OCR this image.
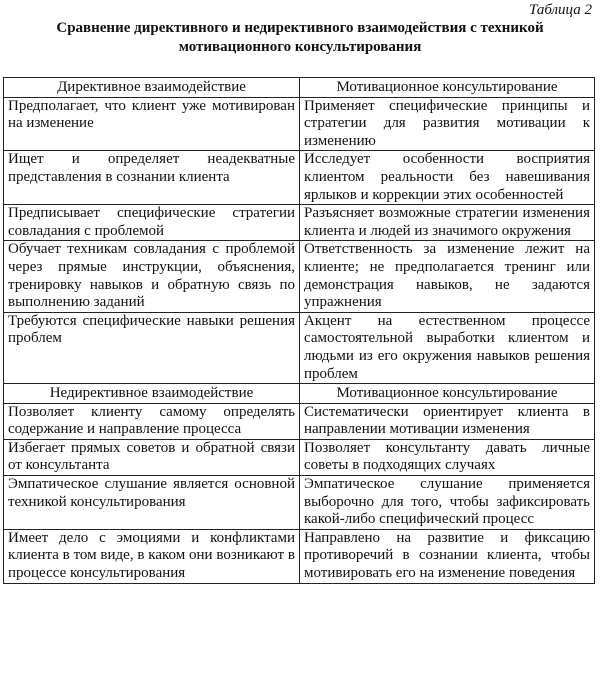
Таблица 2
Сравнение директивного и недирективного взаимодействия с техникой
мотивационного консультирования
Директивное взаимодействие	Мотивационное консультирование
Предполагает, что клиент уже мотивирован на изменение	Применяет специфические принципы и стратегии для развития мотивации к изменению
Ищет и определяет неадекватные представления в сознании клиента	Исследует особенности восприятия клиентом реальности без навешивания ярлыков и коррекции этих особенностей
Предписывает специфические стратегии совладания с проблемой	Разъясняет возможные стратегии изменения клиента и людей из значимого окружения
Обучает техникам совладания с проблемой через прямые инструкции, объяснения, тренировку навыков и обратную связь по выполнению заданий	Ответственность за изменение лежит на клиенте; не предполагается тренинг или демонстрация навыков, не задаются упражнения
Требуются специфические навыки решения проблем	Акцент на естественном процессе самостоятельной выработки клиентом и людьми из его окружения навыков решения проблем
Недирективное взаимодействие	Мотивационное консультирование
Позволяет клиенту самому определять содержание и направление процесса	Систематически ориентирует клиента в направлении мотивации изменения
Избегает прямых советов и обратной связи от консультанта	Позволяет консультанту давать личные советы в подходящих случаях
Эмпатическое слушание является основной техникой консультирования	Эмпатическое слушание применяется выборочно для того, чтобы зафиксировать какой-либо специфический процесс
Имеет дело с эмоциями и конфликтами клиента в том виде, в каком они возникают в процессе консультирования	Направлено на развитие и фиксацию противоречий в сознании клиента, чтобы мотивировать его на изменение поведения
